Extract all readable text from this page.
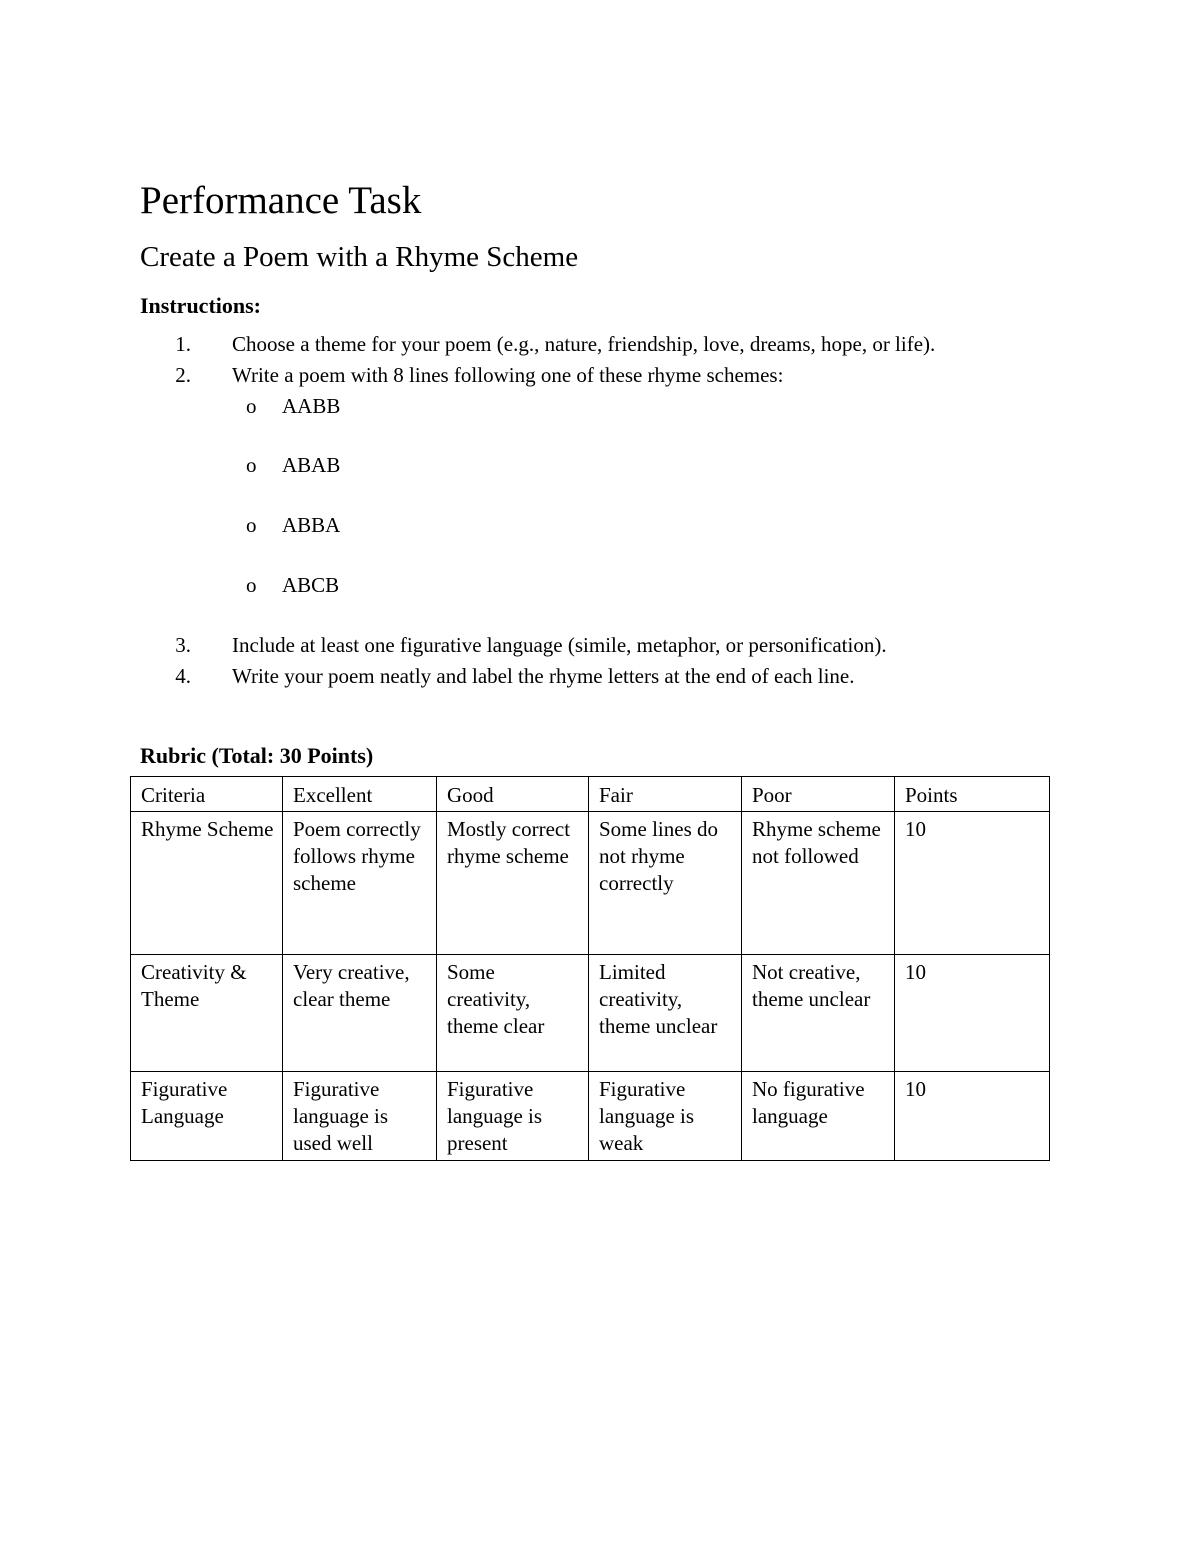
Performance Task
Create a Poem with a Rhyme Scheme
Instructions:
1. Choose a theme for your poem (e.g., nature, friendship, love, dreams, hope, or life).
2. Write a poem with 8 lines following one of these rhyme schemes:
o AABB
o ABAB
o ABBA
o ABCB
3. Include at least one figurative language (simile, metaphor, or personification).
4. Write your poem neatly and label the rhyme letters at the end of each line.
Rubric (Total: 30 Points)
Criteria	Excellent	Good	Fair	Poor	Points
Rhyme Scheme	Poem correctly follows rhyme scheme	Mostly correct rhyme scheme	Some lines do not rhyme correctly	Rhyme scheme not followed	10
Creativity & Theme	Very creative, clear theme	Some creativity, theme clear	Limited creativity, theme unclear	Not creative, theme unclear	10
Figurative Language	Figurative language is used well	Figurative language is present	Figurative language is weak	No figurative language	10
